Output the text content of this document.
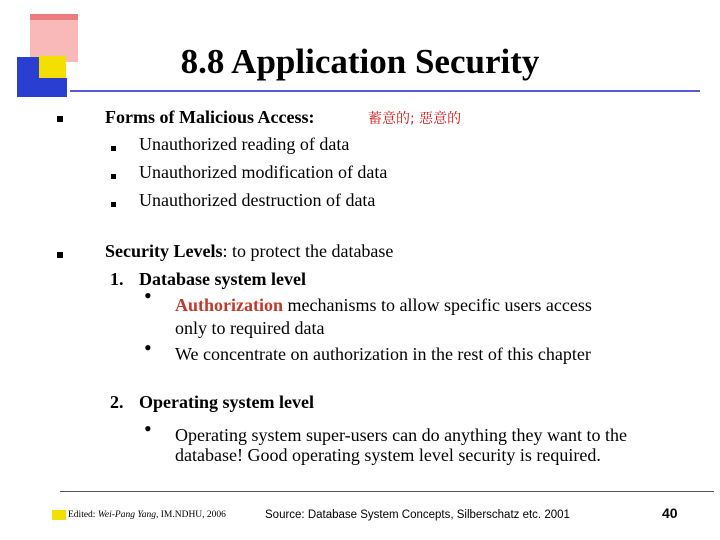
8.8 Application Security
Forms of Malicious Access:	蓄意的; 惡意的
Unauthorized reading of data
Unauthorized modification of data
Unauthorized destruction of data
Security Levels: to protect the database
1. Database system level
• Authorization mechanisms to allow specific users access
only to required data
• We concentrate on authorization in the rest of this chapter
2. Operating system level
• Operating system super-users can do anything they want to the
database! Good operating system level security is required.
Edited: Wei-Pang Yang, IM.NDHU, 2006	Source: Database System Concepts, Silberschatz etc. 2001	40
